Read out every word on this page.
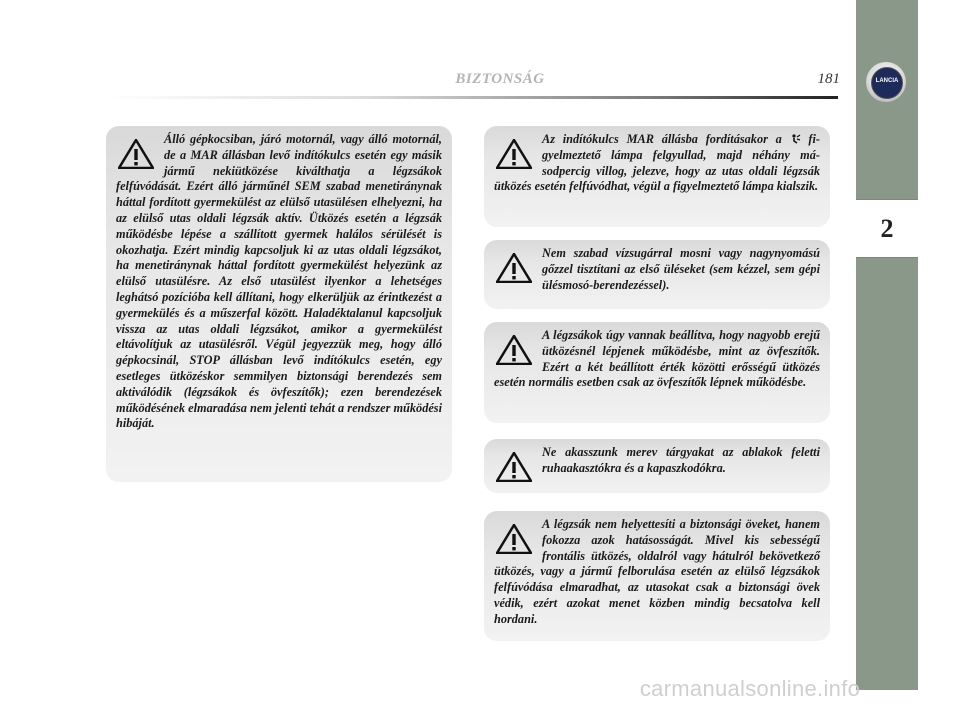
BIZTONSÁG	181	LANCIA
2

Álló gépkocsiban, járó motornál, vagy álló motornál, de a MAR állásban levő indítókulcs esetén egy másik jármű nekiütközése kiválthatja a légzsákok felfúvódását. Ezért álló járműnél SEM szabad menetiránynak háttal fordított gyermekülést az elülső utasülésen elhelyezni, ha az elülső utas oldali légzsák aktív. Ütközés esetén a légzsák működésbe lépése a szállított gyermek halálos sérülését is okozhatja. Ezért mindig kapcsoljuk ki az utas oldali légzsákot, ha menetiránynak háttal fordított gyermekülést helyezünk az elülső utasülésre. Az első utasülést ilyenkor a lehetséges leghátsó pozícióba kell állítani, hogy elkerüljük az érintkezést a gyermekülés és a műszerfal között. Haladéktalanul kapcsoljuk vissza az utas oldali légzsákot, amikor a gyermekülést eltávolítjuk az utasülésről. Végül jegyezzük meg, hogy álló gépkocsinál, STOP állásban levő indítókulcs esetén, egy esetleges ütközéskor semmilyen biztonsági berendezés sem aktiválódik (légzsákok és övfeszítők); ezen berendezések működésének elmaradása nem jelenti tehát a rendszer működési hibáját.

Az indítókulcs MAR állásba fordításakor a figyelmeztető lámpa felgyullad, majd néhány másodpercig villog, jelezve, hogy az utas oldali légzsák ütközés esetén felfúvódhat, végül a figyelmeztető lámpa kialszik.

Nem szabad vízsugárral mosni vagy nagynyomású gőzzel tisztítani az első üléseket (sem kézzel, sem gépi ülésmosó-berendezéssel).

A légzsákok úgy vannak beállítva, hogy nagyobb erejű ütközésnél lépjenek működésbe, mint az övfeszítők. Ezért a két beállított érték közötti erősségű ütközés esetén normális esetben csak az övfeszítők lépnek működésbe.

Ne akasszunk merev tárgyakat az ablakok feletti ruhaakasztókra és a kapaszkodókra.

A légzsák nem helyettesíti a biztonsági öveket, hanem fokozza azok hatásosságát. Mivel kis sebességű frontális ütközés, oldalról vagy hátulról bekövetkező ütközés, vagy a jármű felborulása esetén az elülső légzsákok felfúvódása elmaradhat, az utasokat csak a biztonsági övek védik, ezért azokat menet közben mindig becsatolva kell hordani.

carmanualsonline.info
